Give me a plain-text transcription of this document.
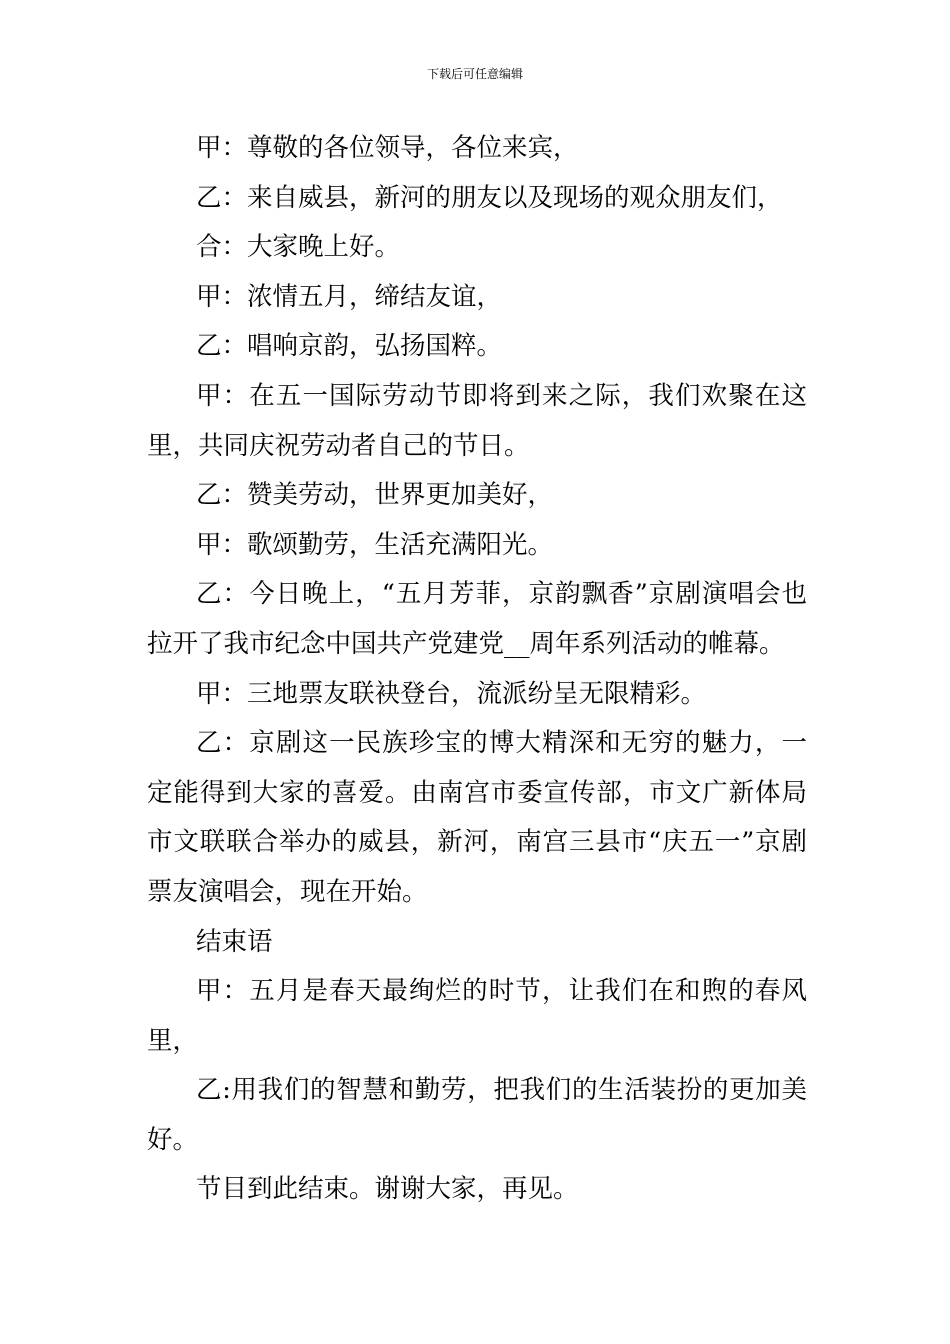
下载后可任意编辑

甲：尊敬的各位领导，各位来宾，

乙：来自威县，新河的朋友以及现场的观众朋友们，

合：大家晚上好。

甲：浓情五月，缔结友谊，

乙：唱响京韵，弘扬国粹。

甲：在五一国际劳动节即将到来之际，我们欢聚在这里，共同庆祝劳动者自己的节日。

乙：赞美劳动，世界更加美好，

甲：歌颂勤劳，生活充满阳光。

乙：今日晚上，“五月芳菲，京韵飘香”京剧演唱会也拉开了我市纪念中国共产党建党__周年系列活动的帷幕。

甲：三地票友联袂登台，流派纷呈无限精彩。

乙：京剧这一民族珍宝的博大精深和无穷的魅力，一定能得到大家的喜爱。由南宫市委宣传部，市文广新体局市文联联合举办的威县，新河，南宫三县市“庆五一”京剧票友演唱会，现在开始。

结束语

甲：五月是春天最绚烂的时节，让我们在和煦的春风里，

乙:用我们的智慧和勤劳，把我们的生活装扮的更加美好。

节目到此结束。谢谢大家，再见。
